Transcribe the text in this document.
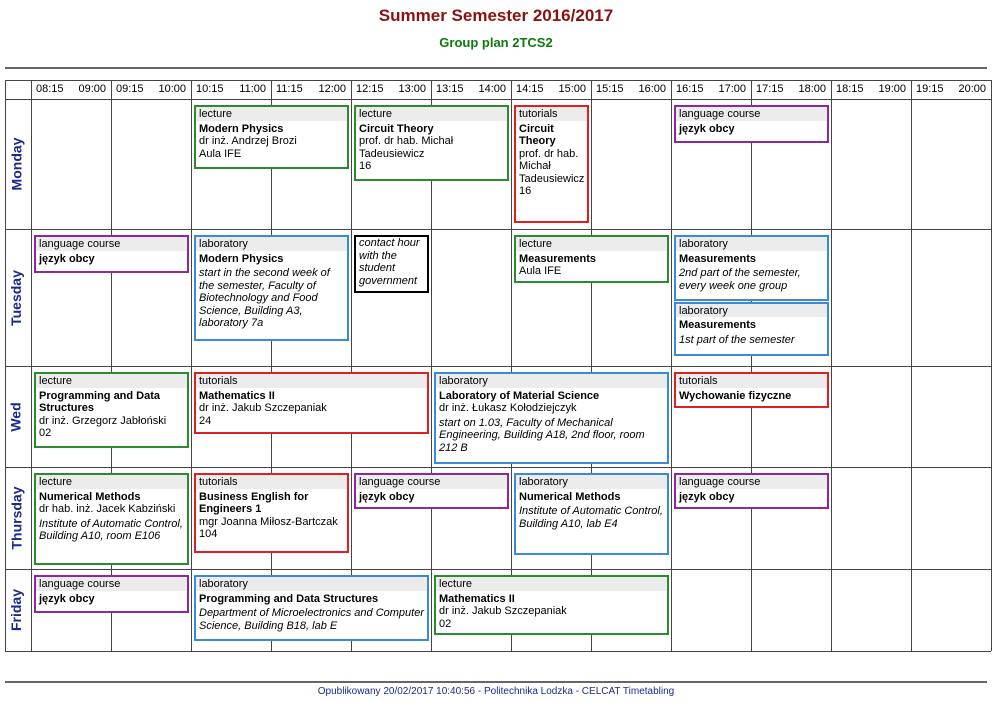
Summer Semester 2016/2017
Group plan 2TCS2
08:15 09:00 09:15 10:00 10:15 11:00 11:15 12:00 12:15 13:00 13:15 14:00 14:15 15:00 15:15 16:00 16:15 17:00 17:15 18:00 18:15 19:00 19:15 20:00
Monday
Tuesday
Wed
Thursday
Friday
lecture
Modern Physics
dr inż. Andrzej Brozi
Aula IFE
lecture
Circuit Theory
prof. dr hab. Michał Tadeusiewicz
16
tutorials
Circuit Theory
prof. dr hab. Michał Tadeusiewicz
16
language course
język obcy
language course
język obcy
laboratory
Modern Physics
start in the second week of the semester, Faculty of Biotechnology and Food Science, Building A3, laboratory 7a
contact hour with the student government
lecture
Measurements
Aula IFE
laboratory
Measurements
2nd part of the semester, every week one group
laboratory
Measurements
1st part of the semester
lecture
Programming and Data Structures
dr inż. Grzegorz Jabłoński
02
tutorials
Mathematics II
dr inż. Jakub Szczepaniak
24
laboratory
Laboratory of Material Science
dr inż. Łukasz Kołodziejczyk
start on 1.03, Faculty of Mechanical Engineering, Building A18, 2nd floor, room 212 B
tutorials
Wychowanie fizyczne
lecture
Numerical Methods
dr hab. inż. Jacek Kabziński
Institute of Automatic Control, Building A10, room E106
tutorials
Business English for Engineers 1
mgr Joanna Miłosz-Bartczak
104
language course
język obcy
laboratory
Numerical Methods
Institute of Automatic Control, Building A10, lab E4
language course
język obcy
language course
język obcy
laboratory
Programming and Data Structures
Department of Microelectronics and Computer Science, Building B18, lab E
lecture
Mathematics II
dr inż. Jakub Szczepaniak
02
Opublikowany 20/02/2017 10:40:56 - Politechnika Lodzka - CELCAT Timetabling
